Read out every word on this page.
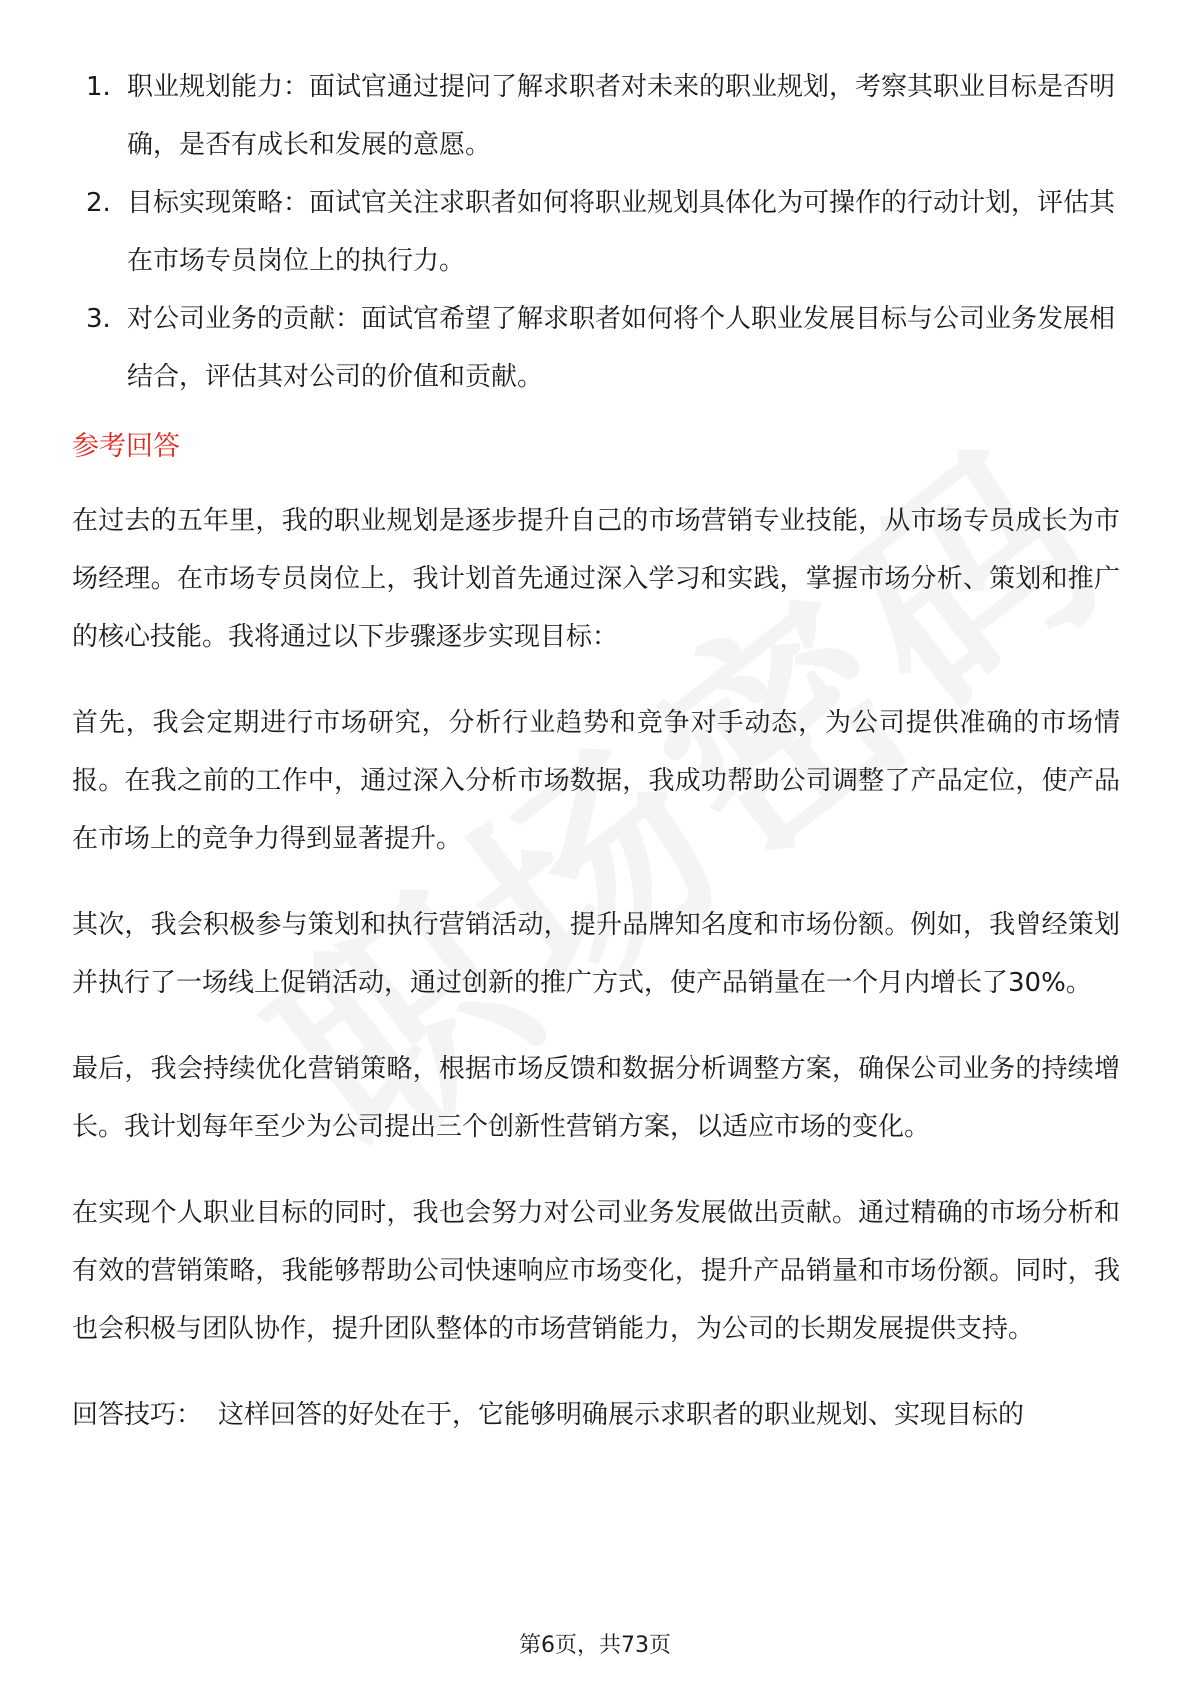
1. 职业规划能力：面试官通过提问了解求职者对未来的职业规划，考察其职业目标是否明确，是否有成长和发展的意愿。
2. 目标实现策略：面试官关注求职者如何将职业规划具体化为可操作的行动计划，评估其在市场专员岗位上的执行力。
3. 对公司业务的贡献：面试官希望了解求职者如何将个人职业发展目标与公司业务发展相结合，评估其对公司的价值和贡献。
参考回答

在过去的五年里，我的职业规划是逐步提升自己的市场营销专业技能，从市场专员成长为市场经理。在市场专员岗位上，我计划首先通过深入学习和实践，掌握市场分析、策划和推广的核心技能。我将通过以下步骤逐步实现目标：

首先，我会定期进行市场研究，分析行业趋势和竞争对手动态，为公司提供准确的市场情报。在我之前的工作中，通过深入分析市场数据，我成功帮助公司调整了产品定位，使产品在市场上的竞争力得到显著提升。

其次，我会积极参与策划和执行营销活动，提升品牌知名度和市场份额。例如，我曾经策划并执行了一场线上促销活动，通过创新的推广方式，使产品销量在一个月内增长了30%。

最后，我会持续优化营销策略，根据市场反馈和数据分析调整方案，确保公司业务的持续增长。我计划每年至少为公司提出三个创新性营销方案，以适应市场的变化。

在实现个人职业目标的同时，我也会努力对公司业务发展做出贡献。通过精确的市场分析和有效的营销策略，我能够帮助公司快速响应市场变化，提升产品销量和市场份额。同时，我也会积极与团队协作，提升团队整体的市场营销能力，为公司的长期发展提供支持。

回答技巧： 这样回答的好处在于，它能够明确展示求职者的职业规划、实现目标的

第6页，共73页
